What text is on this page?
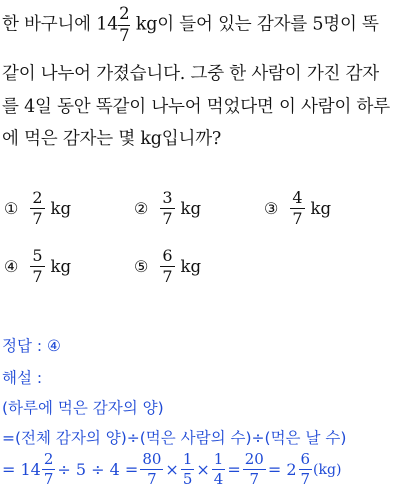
한 바구니에 $14 \frac{2}{7}$ kg이 들어 있는 감자를 5명이 똑
같이 나누어 가졌습니다. 그중 한 사람이 가진 감자
를 4일 동안 똑같이 나누어 먹었다면 이 사람이 하루
에 먹은 감자는 몇 kg입니까?
① $\frac{2}{7}$ kg	② $\frac{3}{7}$ kg	③ $\frac{4}{7}$ kg
④ $\frac{5}{7}$ kg	⑤ $\frac{6}{7}$ kg
정답 : ④
해설 :
(하루에 먹은 감자의 양)
=(전체 감자의 양)÷(먹은 사람의 수)÷(먹은 날 수)
= $14 \frac{2}{7} \div 5 \div 4 = \frac{80}{7} \times \frac{1}{5} \times \frac{1}{4} = \frac{20}{7} = 2 \frac{6}{7} (kg)$
